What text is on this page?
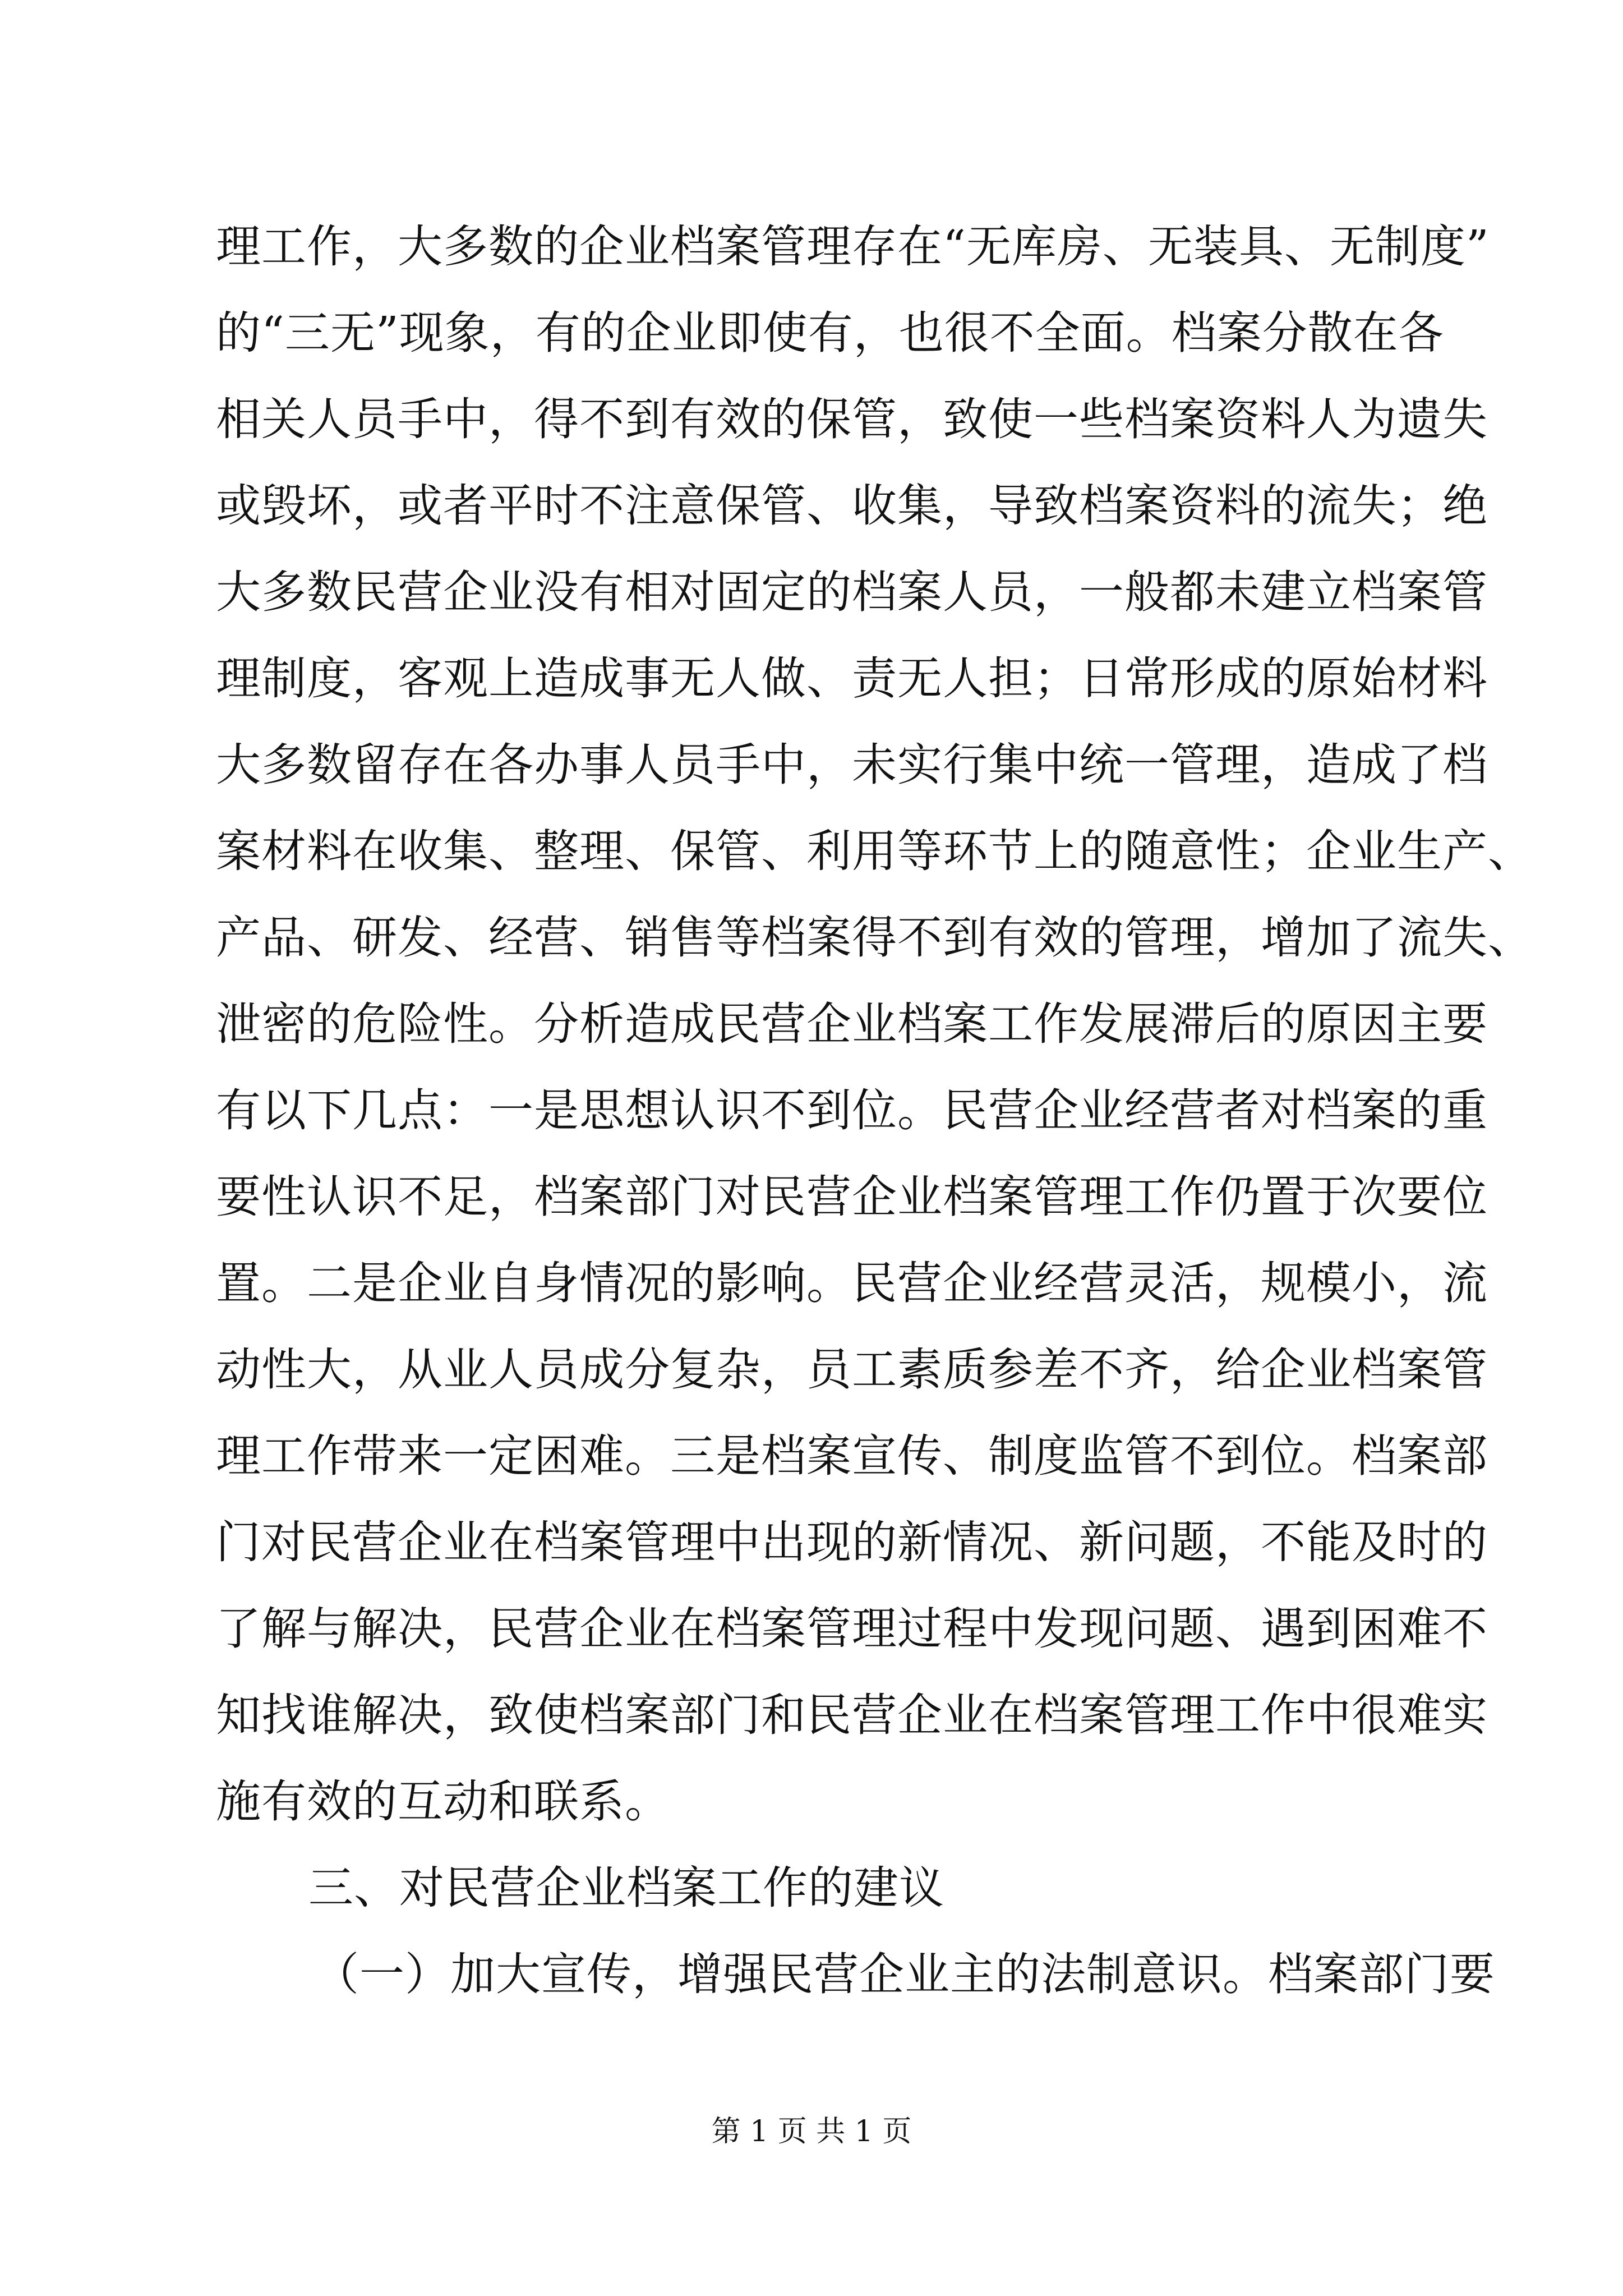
理工作，大多数的企业档案管理存在“无库房、无装具、无制度”
的“三无”现象，有的企业即使有，也很不全面。档案分散在各
相关人员手中，得不到有效的保管，致使一些档案资料人为遗失
或毁坏，或者平时不注意保管、收集，导致档案资料的流失；绝
大多数民营企业没有相对固定的档案人员，一般都未建立档案管
理制度，客观上造成事无人做、责无人担；日常形成的原始材料
大多数留存在各办事人员手中，未实行集中统一管理，造成了档
案材料在收集、整理、保管、利用等环节上的随意性；企业生产、
产品、研发、经营、销售等档案得不到有效的管理，增加了流失、
泄密的危险性。分析造成民营企业档案工作发展滞后的原因主要
有以下几点：一是思想认识不到位。民营企业经营者对档案的重
要性认识不足，档案部门对民营企业档案管理工作仍置于次要位
置。二是企业自身情况的影响。民营企业经营灵活，规模小，流
动性大，从业人员成分复杂，员工素质参差不齐，给企业档案管
理工作带来一定困难。三是档案宣传、制度监管不到位。档案部
门对民营企业在档案管理中出现的新情况、新问题，不能及时的
了解与解决，民营企业在档案管理过程中发现问题、遇到困难不
知找谁解决，致使档案部门和民营企业在档案管理工作中很难实
施有效的互动和联系。
三、对民营企业档案工作的建议
（一）加大宣传，增强民营企业主的法制意识。档案部门要
第 1 页 共 1 页
